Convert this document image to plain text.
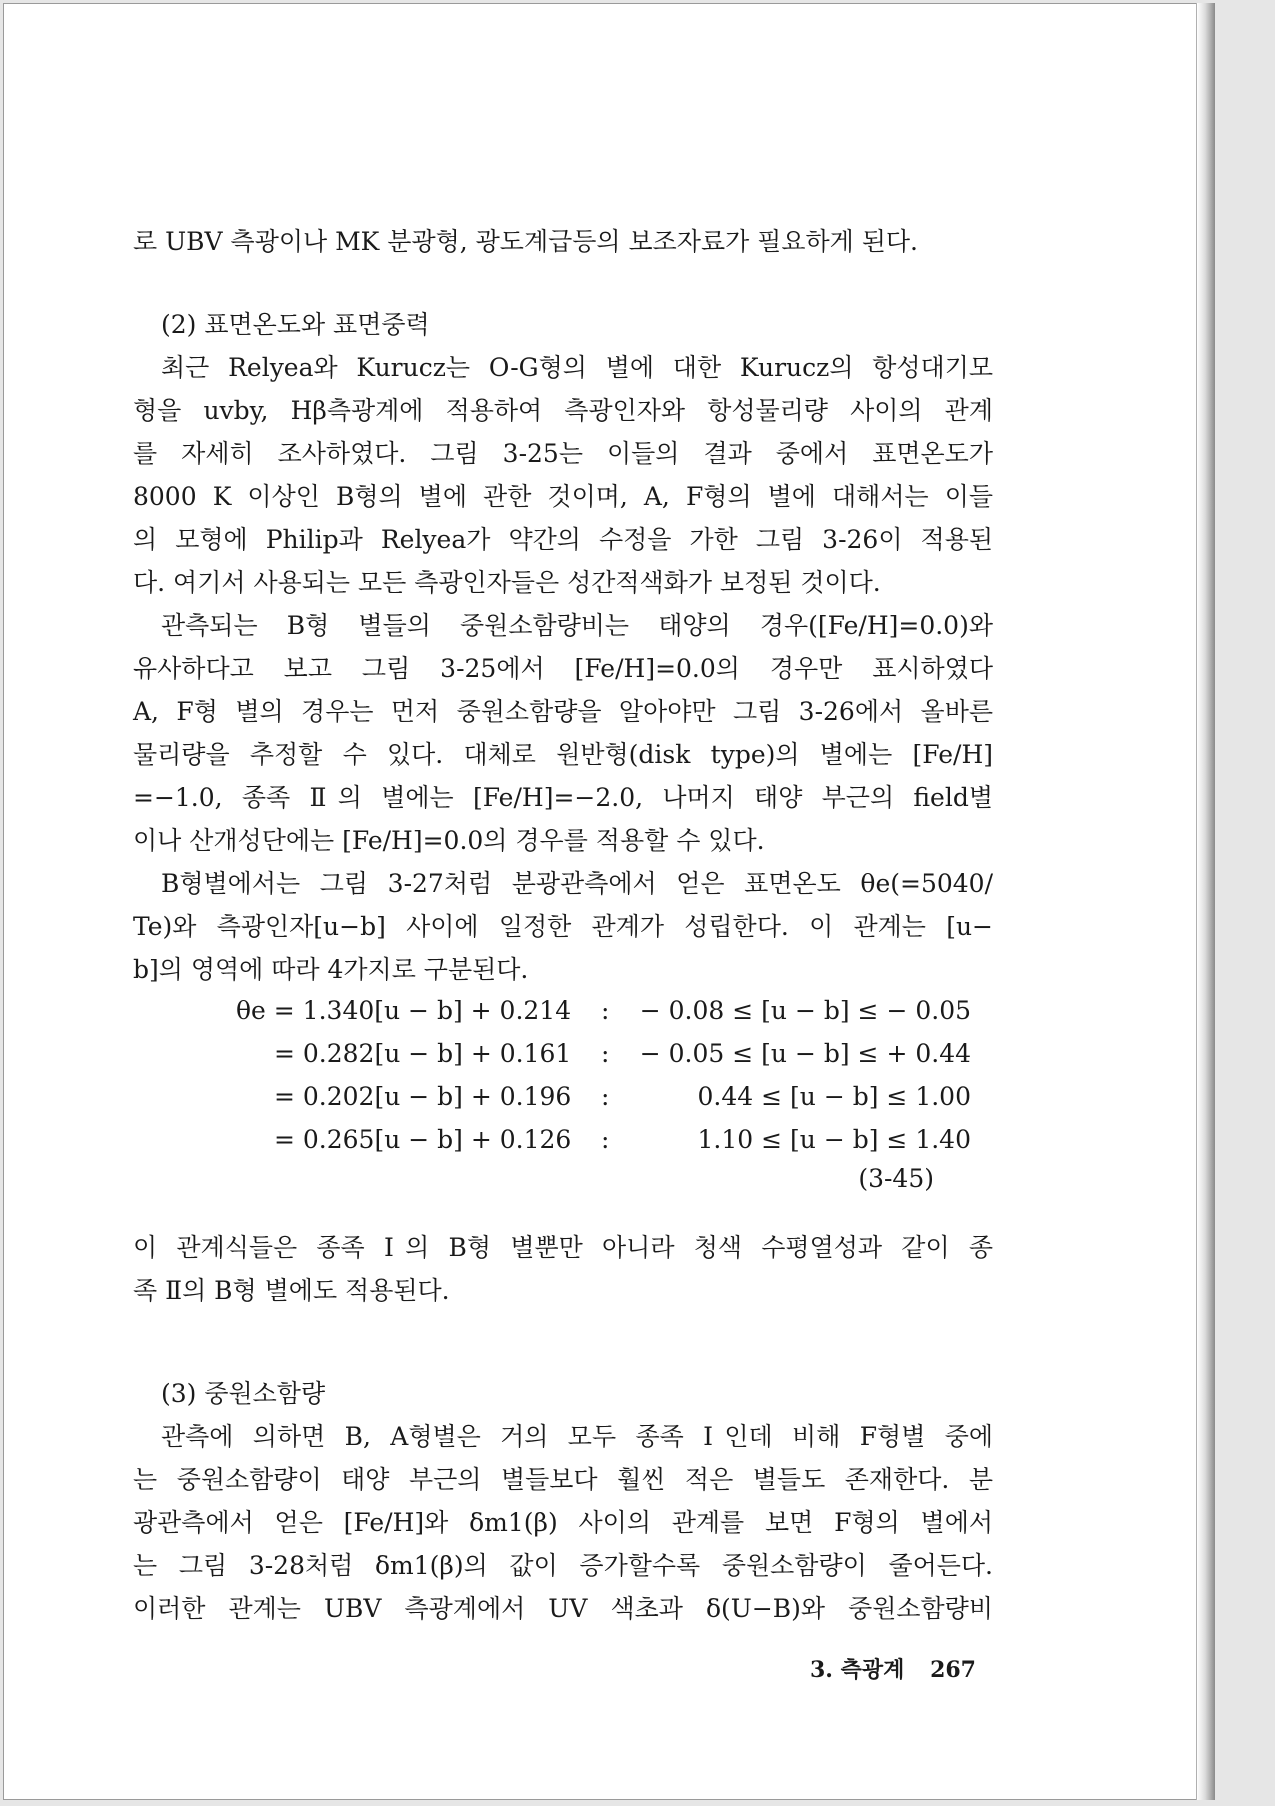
로 UBV 측광이나 MK 분광형, 광도계급등의 보조자료가 필요하게 된다.
(2) 표면온도와 표면중력
최근 Relyea와 Kurucz는 O-G형의 별에 대한 Kurucz의 항성대기모
형을 uvby, Hβ측광계에 적용하여 측광인자와 항성물리량 사이의 관계
를 자세히 조사하였다. 그림 3-25는 이들의 결과 중에서 표면온도가
8000 K 이상인 B형의 별에 관한 것이며, A, F형의 별에 대해서는 이들
의 모형에 Philip과 Relyea가 약간의 수정을 가한 그림 3-26이 적용된
다. 여기서 사용되는 모든 측광인자들은 성간적색화가 보정된 것이다.
관측되는 B형 별들의 중원소함량비는 태양의 경우([Fe/H]=0.0)와
유사하다고 보고 그림 3-25에서 [Fe/H]=0.0의 경우만 표시하였다
A, F형 별의 경우는 먼저 중원소함량을 알아야만 그림 3-26에서 올바른
물리량을 추정할 수 있다. 대체로 원반형(disk type)의 별에는 [Fe/H]
=−1.0, 종족 Ⅱ의 별에는 [Fe/H]=−2.0, 나머지 태양 부근의 field별
이나 산개성단에는 [Fe/H]=0.0의 경우를 적용할 수 있다.
B형별에서는 그림 3-27처럼 분광관측에서 얻은 표면온도 θe(=5040/
Te)와 측광인자[u−b] 사이에 일정한 관계가 성립한다. 이 관계는 [u−
b]의 영역에 따라 4가지로 구분된다.
θe = 1.340[u − b] + 0.214 :	− 0.08 ≤ [u − b] ≤ − 0.05
= 0.282[u − b] + 0.161 :	− 0.05 ≤ [u − b] ≤ + 0.44
= 0.202[u − b] + 0.196 :	0.44 ≤ [u − b] ≤ 1.00
= 0.265[u − b] + 0.126 :	1.10 ≤ [u − b] ≤ 1.40
(3-45)
이 관계식들은 종족 Ⅰ의 B형 별뿐만 아니라 청색 수평열성과 같이 종
족 Ⅱ의 B형 별에도 적용된다.
(3) 중원소함량
관측에 의하면 B, A형별은 거의 모두 종족 Ⅰ인데 비해 F형별 중에
는 중원소함량이 태양 부근의 별들보다 훨씬 적은 별들도 존재한다. 분
광관측에서 얻은 [Fe/H]와 δm1(β) 사이의 관계를 보면 F형의 별에서
는 그림 3-28처럼 δm1(β)의 값이 증가할수록 중원소함량이 줄어든다.
이러한 관계는 UBV 측광계에서 UV 색초과 δ(U−B)와 중원소함량비
3. 측광계 267
